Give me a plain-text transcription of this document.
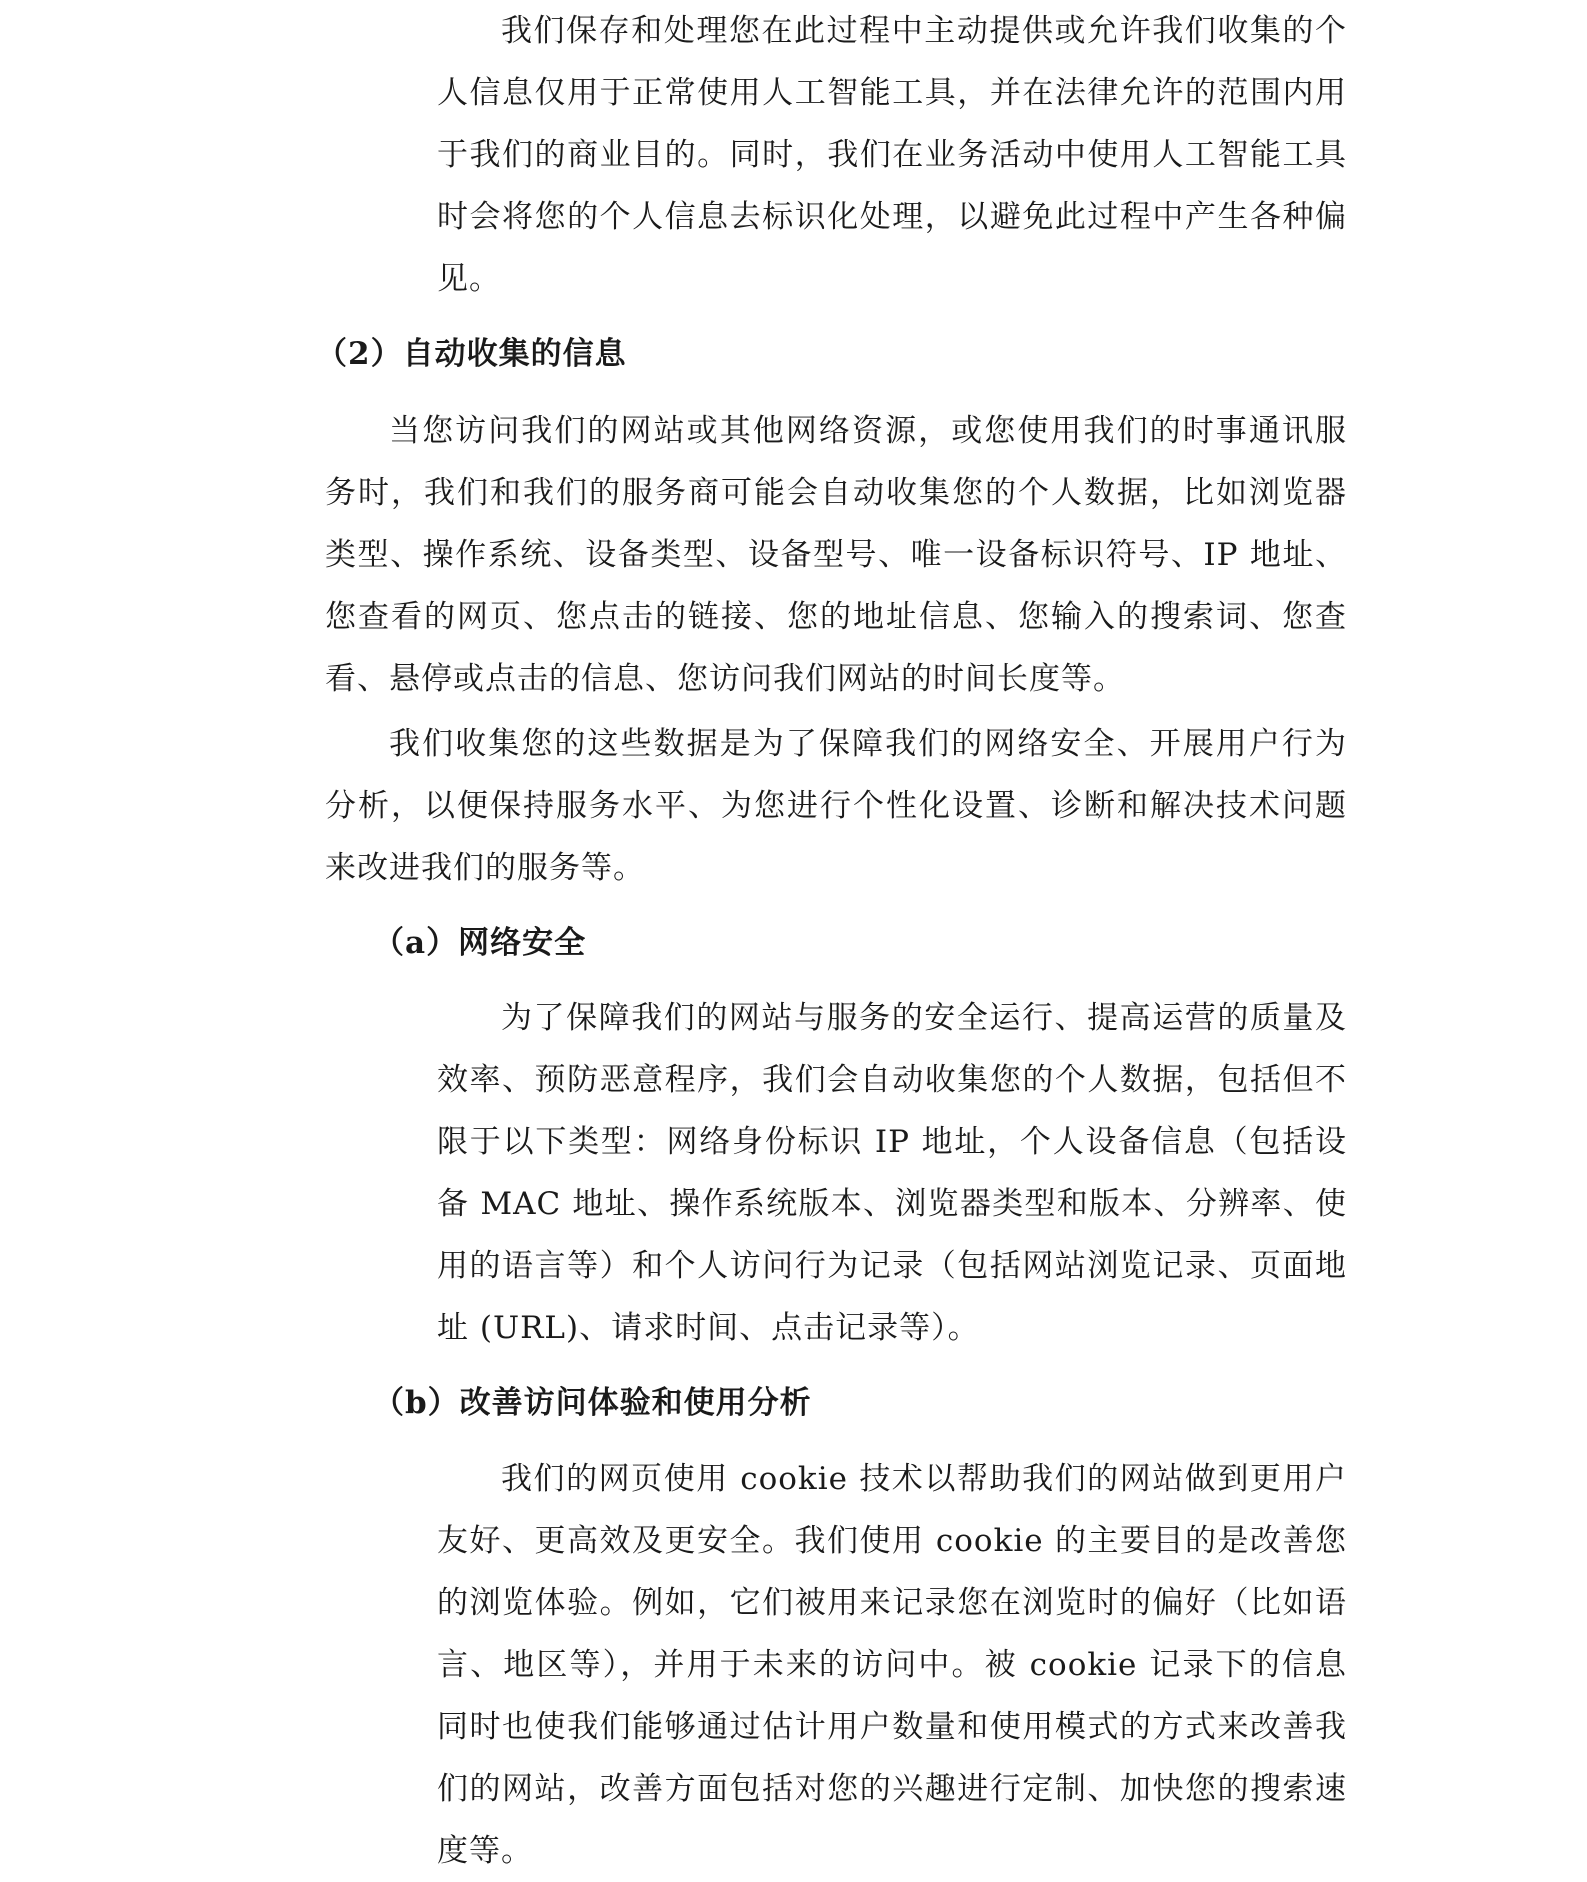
我们保存和处理您在此过程中主动提供或允许我们收集的个人信息仅用于正常使用人工智能工具，并在法律允许的范围内用于我们的商业目的。同时，我们在业务活动中使用人工智能工具时会将您的个人信息去标识化处理，以避免此过程中产生各种偏见。

（2）自动收集的信息

当您访问我们的网站或其他网络资源，或您使用我们的时事通讯服务时，我们和我们的服务商可能会自动收集您的个人数据，比如浏览器类型、操作系统、设备类型、设备型号、唯一设备标识符号、IP 地址、您查看的网页、您点击的链接、您的地址信息、您输入的搜索词、您查看、悬停或点击的信息、您访问我们网站的时间长度等。

我们收集您的这些数据是为了保障我们的网络安全、开展用户行为分析，以便保持服务水平、为您进行个性化设置、诊断和解决技术问题来改进我们的服务等。

（a）网络安全

为了保障我们的网站与服务的安全运行、提高运营的质量及效率、预防恶意程序，我们会自动收集您的个人数据，包括但不限于以下类型：网络身份标识 IP 地址，个人设备信息（包括设备 MAC 地址、操作系统版本、浏览器类型和版本、分辨率、使用的语言等）和个人访问行为记录（包括网站浏览记录、页面地址 (URL)、请求时间、点击记录等）。

（b）改善访问体验和使用分析

我们的网页使用 cookie 技术以帮助我们的网站做到更用户友好、更高效及更安全。我们使用 cookie 的主要目的是改善您的浏览体验。例如，它们被用来记录您在浏览时的偏好（比如语言、地区等），并用于未来的访问中。被 cookie 记录下的信息同时也使我们能够通过估计用户数量和使用模式的方式来改善我们的网站，改善方面包括对您的兴趣进行定制、加快您的搜索速度等。
